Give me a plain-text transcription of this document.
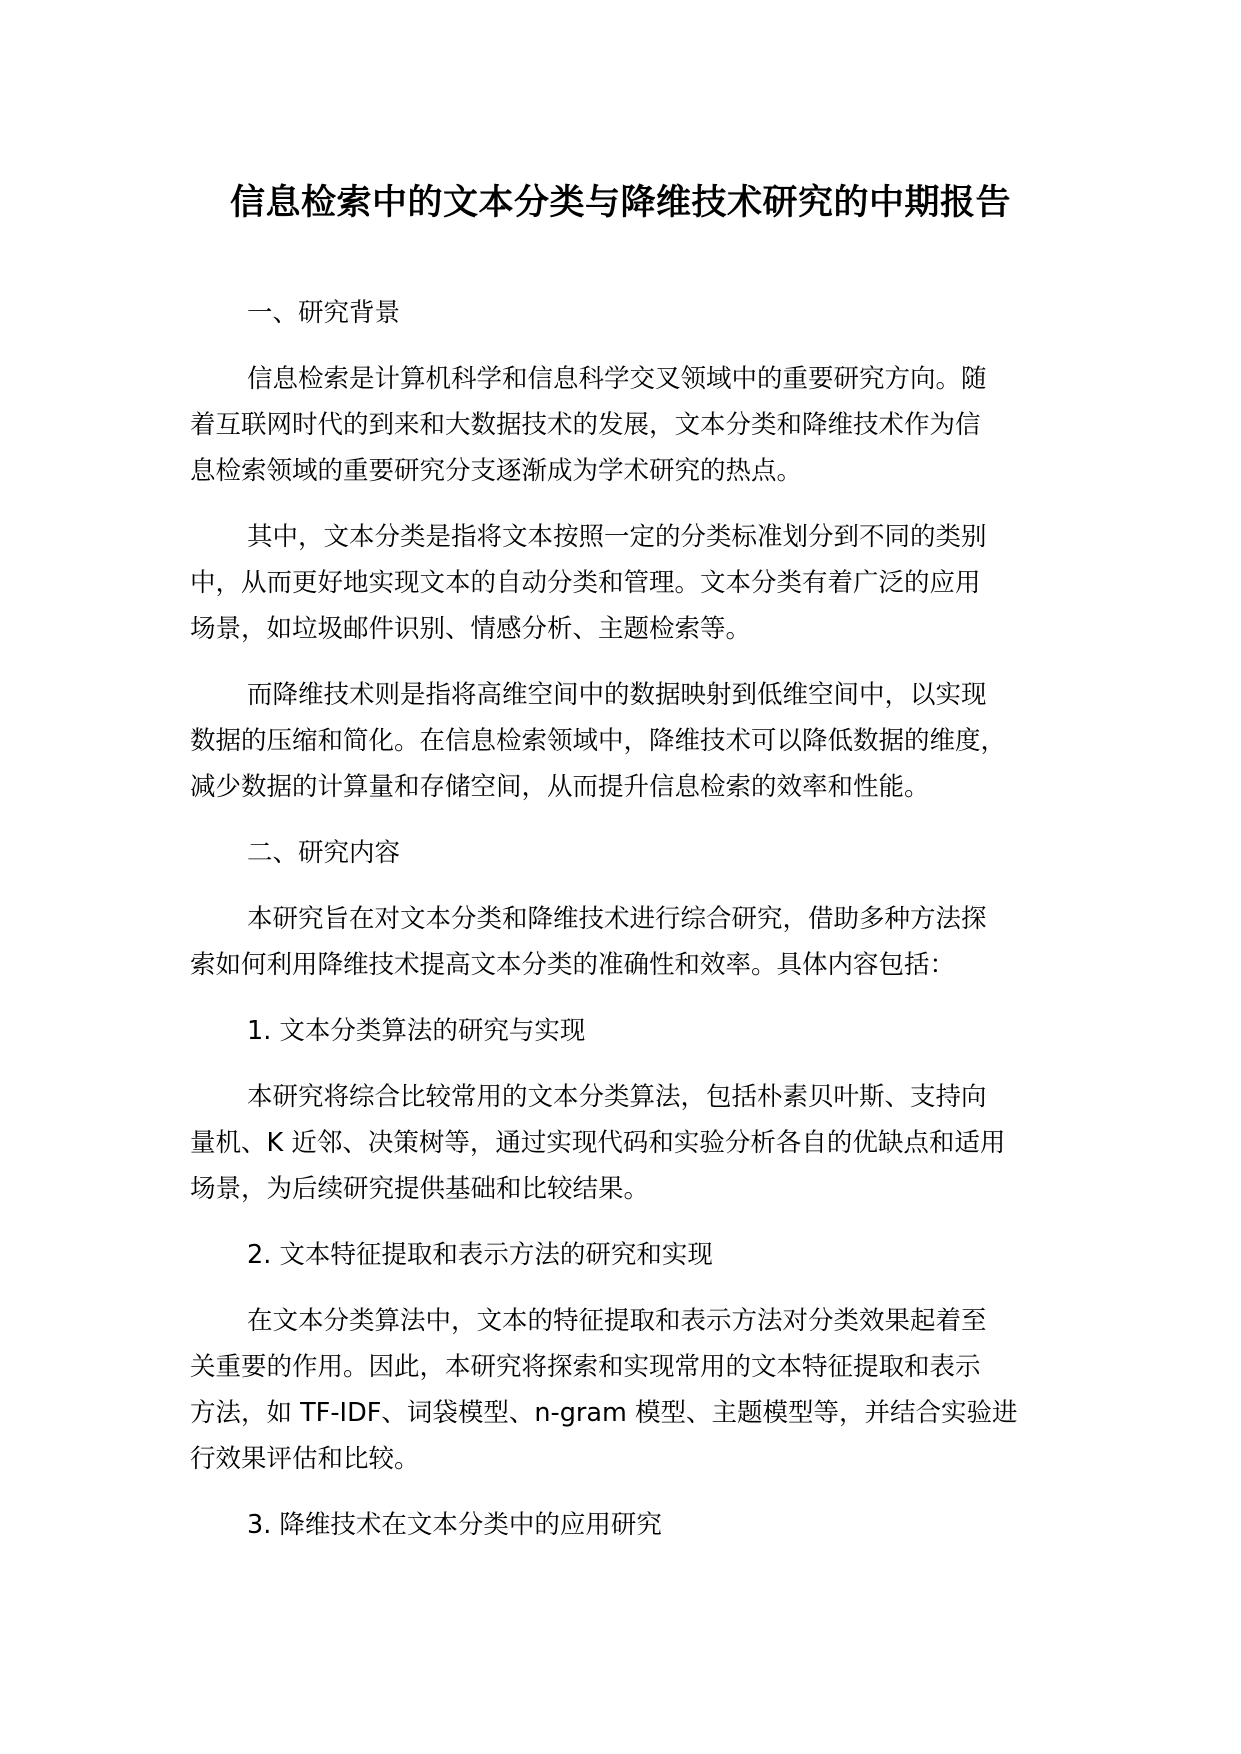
信息检索中的文本分类与降维技术研究的中期报告

一、研究背景

信息检索是计算机科学和信息科学交叉领域中的重要研究方向。随
着互联网时代的到来和大数据技术的发展，文本分类和降维技术作为信
息检索领域的重要研究分支逐渐成为学术研究的热点。

其中，文本分类是指将文本按照一定的分类标准划分到不同的类别
中，从而更好地实现文本的自动分类和管理。文本分类有着广泛的应用
场景，如垃圾邮件识别、情感分析、主题检索等。

而降维技术则是指将高维空间中的数据映射到低维空间中，以实现
数据的压缩和简化。在信息检索领域中，降维技术可以降低数据的维度，
减少数据的计算量和存储空间，从而提升信息检索的效率和性能。

二、研究内容

本研究旨在对文本分类和降维技术进行综合研究，借助多种方法探
索如何利用降维技术提高文本分类的准确性和效率。具体内容包括：

1. 文本分类算法的研究与实现

本研究将综合比较常用的文本分类算法，包括朴素贝叶斯、支持向
量机、K 近邻、决策树等，通过实现代码和实验分析各自的优缺点和适用
场景，为后续研究提供基础和比较结果。

2. 文本特征提取和表示方法的研究和实现

在文本分类算法中，文本的特征提取和表示方法对分类效果起着至
关重要的作用。因此，本研究将探索和实现常用的文本特征提取和表示
方法，如 TF-IDF、词袋模型、n-gram 模型、主题模型等，并结合实验进
行效果评估和比较。

3. 降维技术在文本分类中的应用研究
